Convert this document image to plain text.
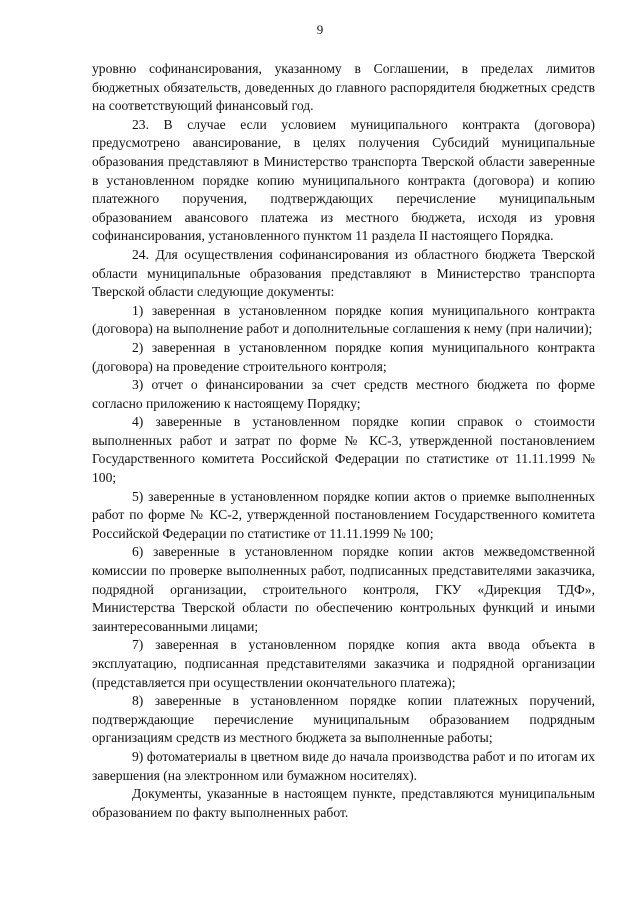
9

уровню софинансирования, указанному в Соглашении, в пределах лимитов бюджетных обязательств, доведенных до главного распорядителя бюджетных средств на соответствующий финансовый год.

23. В случае если условием муниципального контракта (договора) предусмотрено авансирование, в целях получения Субсидий муниципальные образования представляют в Министерство транспорта Тверской области заверенные в установленном порядке копию муниципального контракта (договора) и копию платежного поручения, подтверждающих перечисление муниципальным образованием авансового платежа из местного бюджета, исходя из уровня софинансирования, установленного пунктом 11 раздела II настоящего Порядка.

24. Для осуществления софинансирования из областного бюджета Тверской области муниципальные образования представляют в Министерство транспорта Тверской области следующие документы:

1) заверенная в установленном порядке копия муниципального контракта (договора) на выполнение работ и дополнительные соглашения к нему (при наличии);

2) заверенная в установленном порядке копия муниципального контракта (договора) на проведение строительного контроля;

3) отчет о финансировании за счет средств местного бюджета по форме согласно приложению к настоящему Порядку;

4) заверенные в установленном порядке копии справок о стоимости выполненных работ и затрат по форме № КС-3, утвержденной постановлением Государственного комитета Российской Федерации по статистике от 11.11.1999 № 100;

5) заверенные в установленном порядке копии актов о приемке выполненных работ по форме № КС-2, утвержденной постановлением Государственного комитета Российской Федерации по статистике от 11.11.1999 № 100;

6) заверенные в установленном порядке копии актов межведомственной комиссии по проверке выполненных работ, подписанных представителями заказчика, подрядной организации, строительного контроля, ГКУ «Дирекция ТДФ», Министерства Тверской области по обеспечению контрольных функций и иными заинтересованными лицами;

7) заверенная в установленном порядке копия акта ввода объекта в эксплуатацию, подписанная представителями заказчика и подрядной организации (представляется при осуществлении окончательного платежа);

8) заверенные в установленном порядке копии платежных поручений, подтверждающие перечисление муниципальным образованием подрядным организациям средств из местного бюджета за выполненные работы;

9) фотоматериалы в цветном виде до начала производства работ и по итогам их завершения (на электронном или бумажном носителях).

Документы, указанные в настоящем пункте, представляются муниципальным образованием по факту выполненных работ.
